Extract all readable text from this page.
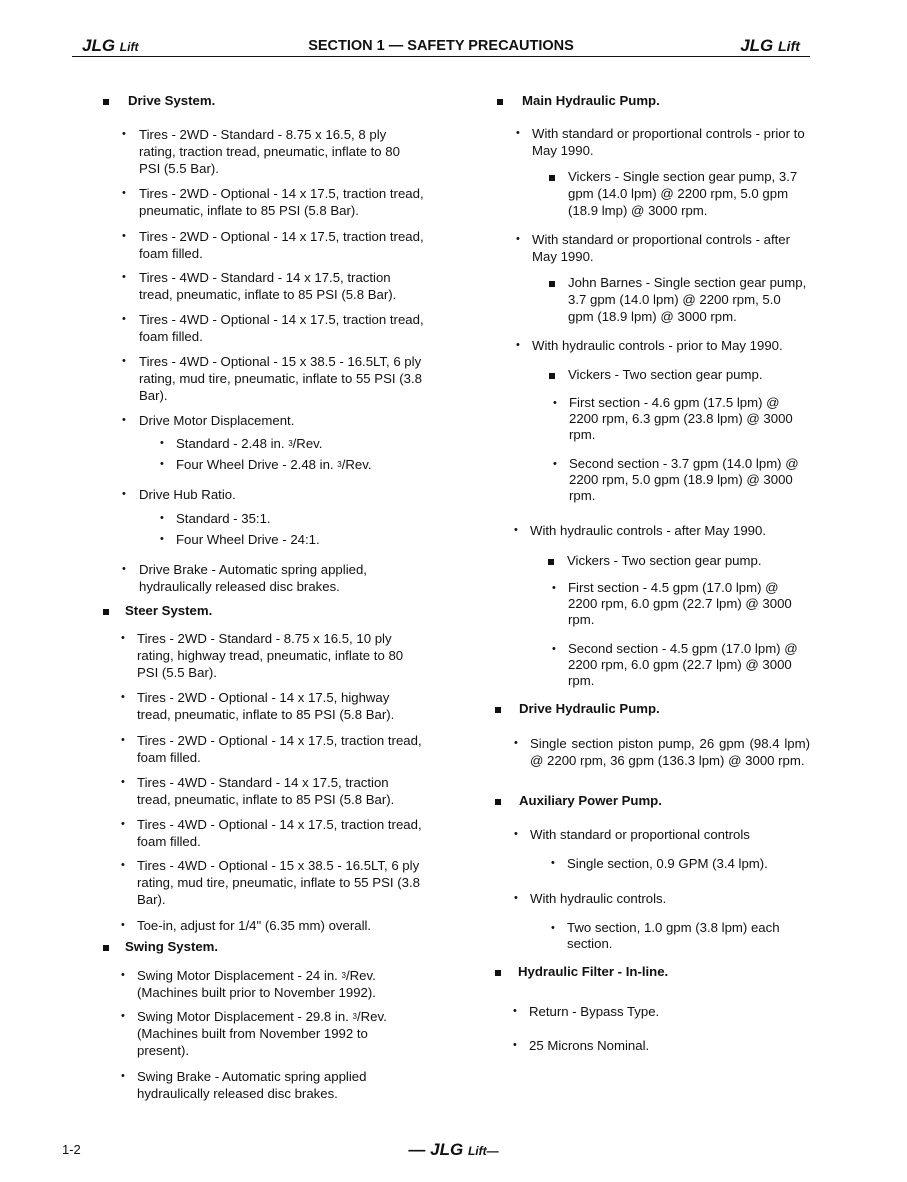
JLG Lift	SECTION 1 — SAFETY PRECAUTIONS	JLG Lift
Drive System.
• Tires - 2WD - Standard - 8.75 x 16.5, 8 ply rating, traction tread, pneumatic, inflate to 80 PSI (5.5 Bar).
• Tires - 2WD - Optional - 14 x 17.5, traction tread, pneumatic, inflate to 85 PSI (5.8 Bar).
• Tires - 2WD - Optional - 14 x 17.5, traction tread, foam filled.
• Tires - 4WD - Standard - 14 x 17.5, traction tread, pneumatic, inflate to 85 PSI (5.8 Bar).
• Tires - 4WD - Optional - 14 x 17.5, traction tread, foam filled.
• Tires - 4WD - Optional - 15 x 38.5 - 16.5LT, 6 ply rating, mud tire, pneumatic, inflate to 55 PSI (3.8 Bar).
• Drive Motor Displacement.
• Standard - 2.48 in. $^3$/Rev.
• Four Wheel Drive - 2.48 in. $^3$/Rev.
• Drive Hub Ratio.
• Standard - 35:1.
• Four Wheel Drive - 24:1.
• Drive Brake - Automatic spring applied, hydraulically released disc brakes.
Steer System.
• Tires - 2WD - Standard - 8.75 x 16.5, 10 ply rating, highway tread, pneumatic, inflate to 80 PSI (5.5 Bar).
• Tires - 2WD - Optional - 14 x 17.5, highway tread, pneumatic, inflate to 85 PSI (5.8 Bar).
• Tires - 2WD - Optional - 14 x 17.5, traction tread, foam filled.
• Tires - 4WD - Standard - 14 x 17.5, traction tread, pneumatic, inflate to 85 PSI (5.8 Bar).
• Tires - 4WD - Optional - 14 x 17.5, traction tread, foam filled.
• Tires - 4WD - Optional - 15 x 38.5 - 16.5LT, 6 ply rating, mud tire, pneumatic, inflate to 55 PSI (3.8 Bar).
• Toe-in, adjust for 1/4" (6.35 mm) overall.
Swing System.
• Swing Motor Displacement - 24 in. $^3$/Rev. (Machines built prior to November 1992).
• Swing Motor Displacement - 29.8 in. $^3$/Rev. (Machines built from November 1992 to present).
• Swing Brake - Automatic spring applied hydraulically released disc brakes.
Main Hydraulic Pump.
• With standard or proportional controls - prior to May 1990.
Vickers - Single section gear pump, 3.7 gpm (14.0 lpm) @ 2200 rpm, 5.0 gpm (18.9 lmp) @ 3000 rpm.
• With standard or proportional controls - after May 1990.
John Barnes - Single section gear pump, 3.7 gpm (14.0 lpm) @ 2200 rpm, 5.0 gpm (18.9 lpm) @ 3000 rpm.
• With hydraulic controls - prior to May 1990.
Vickers - Two section gear pump.
• First section - 4.6 gpm (17.5 lpm) @ 2200 rpm, 6.3 gpm (23.8 lpm) @ 3000 rpm.
• Second section - 3.7 gpm (14.0 lpm) @ 2200 rpm, 5.0 gpm (18.9 lpm) @ 3000 rpm.
• With hydraulic controls - after May 1990.
Vickers - Two section gear pump.
• First section - 4.5 gpm (17.0 lpm) @ 2200 rpm, 6.0 gpm (22.7 lpm) @ 3000 rpm.
• Second section - 4.5 gpm (17.0 lpm) @ 2200 rpm, 6.0 gpm (22.7 lpm) @ 3000 rpm.
Drive Hydraulic Pump.
• Single section piston pump, 26 gpm (98.4 lpm) @ 2200 rpm, 36 gpm (136.3 lpm) @ 3000 rpm.
Auxiliary Power Pump.
• With standard or proportional controls
• Single section, 0.9 GPM (3.4 lpm).
• With hydraulic controls.
• Two section, 1.0 gpm (3.8 lpm) each section.
Hydraulic Filter - In-line.
• Return - Bypass Type.
• 25 Microns Nominal.
1-2	— JLG Lift—
